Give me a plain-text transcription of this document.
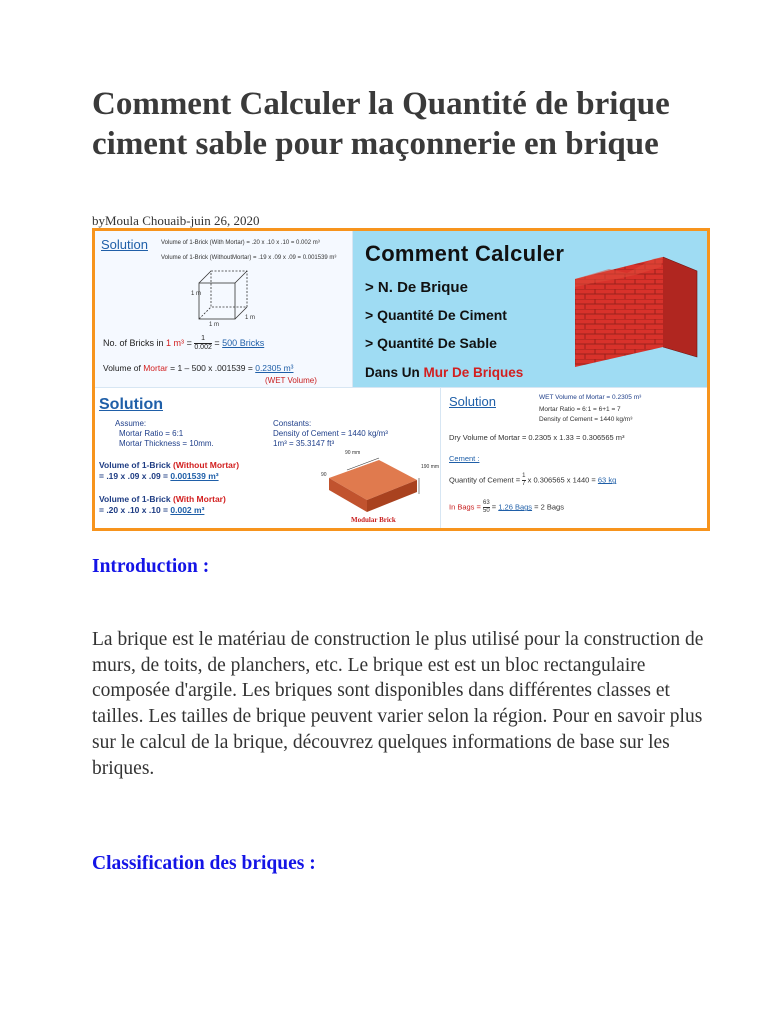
Comment Calculer la Quantité de brique ciment sable pour maçonnerie en brique
byMoula Chouaib-juin 26, 2020
Solution Volume of 1-Brick (With Mortar) = .20 x .10 x .10 = 0.002 m³
Volume of 1-Brick (WithoutMortar) = .19 x .09 x .09 = 0.001539 m³
1 m
1 m
1 m
No. of Bricks in 1 $m^3 = \frac{1}{0.002} = 500$ Bricks
Volume of Mortar = 1 – 500 x .001539 = 0.2305 m³
(WET Volume)
Comment Calculer
> N. De Brique
> Quantité De Ciment
> Quantité De Sable
Dans Un Mur De Briques
Solution
Assume:
Mortar Ratio = 6:1
Mortar Thickness = 10mm.
Constants:
Density of Cement = 1440 kg/m³
1m³ = 35.3147 ft³
Volume of 1-Brick (Without Mortar)
= .19 x .09 x .09 = 0.001539 m³
Volume of 1-Brick (With Mortar)
= .20 x .10 x .10 = 0.002 m³
90 mm
190 mm
90
Modular Brick
Solution	WET Volume of Mortar = 0.2305 m³
Mortar Ratio = 6:1 = 6+1 = 7
Density of Cement = 1440 kg/m³
Dry Volume of Mortar = 0.2305 x 1.33 = 0.306565 m³
Cement :
Quantity of Cement = $\frac{1}{7}$ x 0.306565 x 1440 = 63 kg
In Bags = $\frac{63}{50} = 1.26$ Bags = 2 Bags
Introduction :

La brique est le matériau de construction le plus utilisé pour la construction de murs, de toits, de planchers, etc. Le brique est est un bloc rectangulaire composée d'argile. Les briques sont disponibles dans différentes classes et tailles. Les tailles de brique peuvent varier selon la région. Pour en savoir plus sur le calcul de la brique, découvrez quelques informations de base sur les briques.

Classification des briques :
